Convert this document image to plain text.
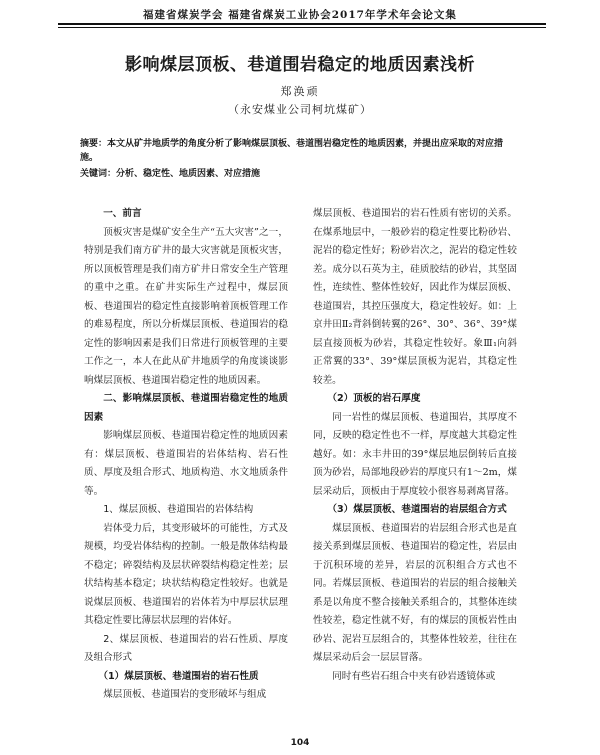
福建省煤炭学会 福建省煤炭工业协会2017年学术年会论文集
影响煤层顶板、巷道围岩稳定的地质因素浅析
郑涣顽
（永安煤业公司柯坑煤矿）
摘要：本文从矿井地质学的角度分析了影响煤层顶板、巷道围岩稳定性的地质因素，并提出应采取的对应措施。
关键词：分析、稳定性、地质因素、对应措施

一、前言

顶板灾害是煤矿安全生产“五大灾害”之一，特别是我们南方矿井的最大灾害就是顶板灾害，所以顶板管理是我们南方矿井日常安全生产管理的重中之重。在矿井实际生产过程中，煤层顶板、巷道围岩的稳定性直接影响着顶板管理工作的难易程度，所以分析煤层顶板、巷道围岩的稳定性的影响因素是我们日常进行顶板管理的主要工作之一，本人在此从矿井地质学的角度谈谈影响煤层顶板、巷道围岩稳定性的地质因素。

二、影响煤层顶板、巷道围岩稳定性的地质因素

影响煤层顶板、巷道围岩稳定性的地质因素有：煤层顶板、巷道围岩的岩体结构、岩石性质、厚度及组合形式、地质构造、水文地质条件等。

1、煤层顶板、巷道围岩的岩体结构

岩体受力后，其变形破坏的可能性，方式及规模，均受岩体结构的控制。一般是散体结构最不稳定；碎裂结构及层状碎裂结构稳定性差；层状结构基本稳定；块状结构稳定性较好。也就是说煤层顶板、巷道围岩的岩体若为中厚层状层理其稳定性要比薄层状层理的岩体好。

2、煤层顶板、巷道围岩的岩石性质、厚度及组合形式

（1）煤层顶板、巷道围岩的岩石性质

煤层顶板、巷道围岩的变形破坏与组成

煤层顶板、巷道围岩的岩石性质有密切的关系。在煤系地层中，一般砂岩的稳定性要比粉砂岩、泥岩的稳定性好；粉砂岩次之，泥岩的稳定性较差。成分以石英为主，硅质胶结的砂岩，其坚固性，连续性、整体性较好，因此作为煤层顶板、巷道围岩，其控压强度大，稳定性较好。如：上京井田Ⅱ₂背斜倒转翼的26°、30°、36°、39°煤层直接顶板为砂岩，其稳定性较好。象Ⅲ₁向斜正常翼的33°、39°煤层顶板为泥岩，其稳定性较差。

（2）顶板的岩石厚度

同一岩性的煤层顶板、巷道围岩，其厚度不同，反映的稳定性也不一样，厚度越大其稳定性越好。如：永丰井田的39°煤层地层倒转后直接顶为砂岩，局部地段砂岩的厚度只有1～2m，煤层采动后，顶板由于厚度较小很容易剥离冒落。

（3）煤层顶板、巷道围岩的岩层组合方式

煤层顶板、巷道围岩的岩层组合形式也是直接关系到煤层顶板、巷道围岩的稳定性，岩层由于沉积环境的差异，岩层的沉积组合方式也不同。若煤层顶板、巷道围岩的岩层的组合接触关系是以角度不整合接触关系组合的，其整体连续性较差，稳定性就不好，有的煤层的顶板岩性由砂岩、泥岩互层组合的，其整体性较差，往往在煤层采动后会一层层冒落。

同时有些岩石组合中夹有砂岩透镜体或

104
